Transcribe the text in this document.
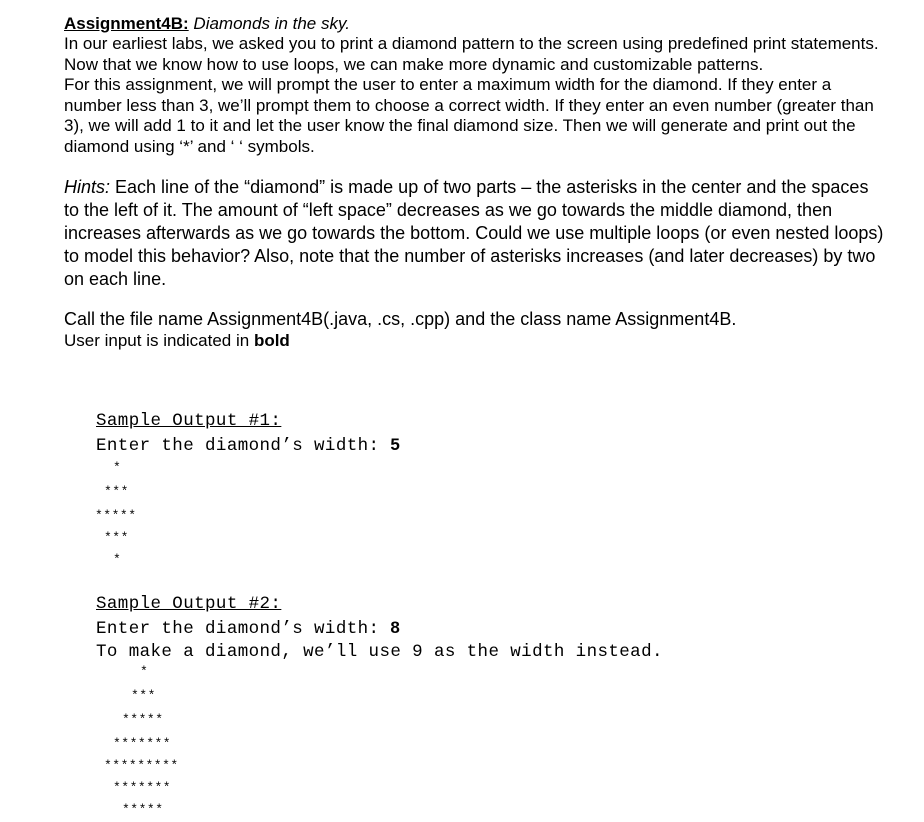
Assignment4B: Diamonds in the sky.

In our earliest labs, we asked you to print a diamond pattern to the screen using predefined print statements. Now that we know how to use loops, we can make more dynamic and customizable patterns.

For this assignment, we will prompt the user to enter a maximum width for the diamond. If they enter a number less than 3, we’ll prompt them to choose a correct width. If they enter an even number (greater than 3), we will add 1 to it and let the user know the final diamond size. Then we will generate and print out the diamond using ‘*’ and ‘ ‘ symbols.

Hints: Each line of the “diamond” is made up of two parts – the asterisks in the center and the spaces to the left of it. The amount of “left space” decreases as we go towards the middle diamond, then increases afterwards as we go towards the bottom. Could we use multiple loops (or even nested loops) to model this behavior? Also, note that the number of asterisks increases (and later decreases) by two on each line.

Call the file name Assignment4B(.java, .cs, .cpp) and the class name Assignment4B.

User input is indicated in bold

Sample Output #1:
Enter the diamond’s width: 5
*
***
*****
***
*
Sample Output #2:
Enter the diamond’s width: 8
To make a diamond, we’ll use 9 as the width instead.
*
***
*****
*******
*********
*******
*****
